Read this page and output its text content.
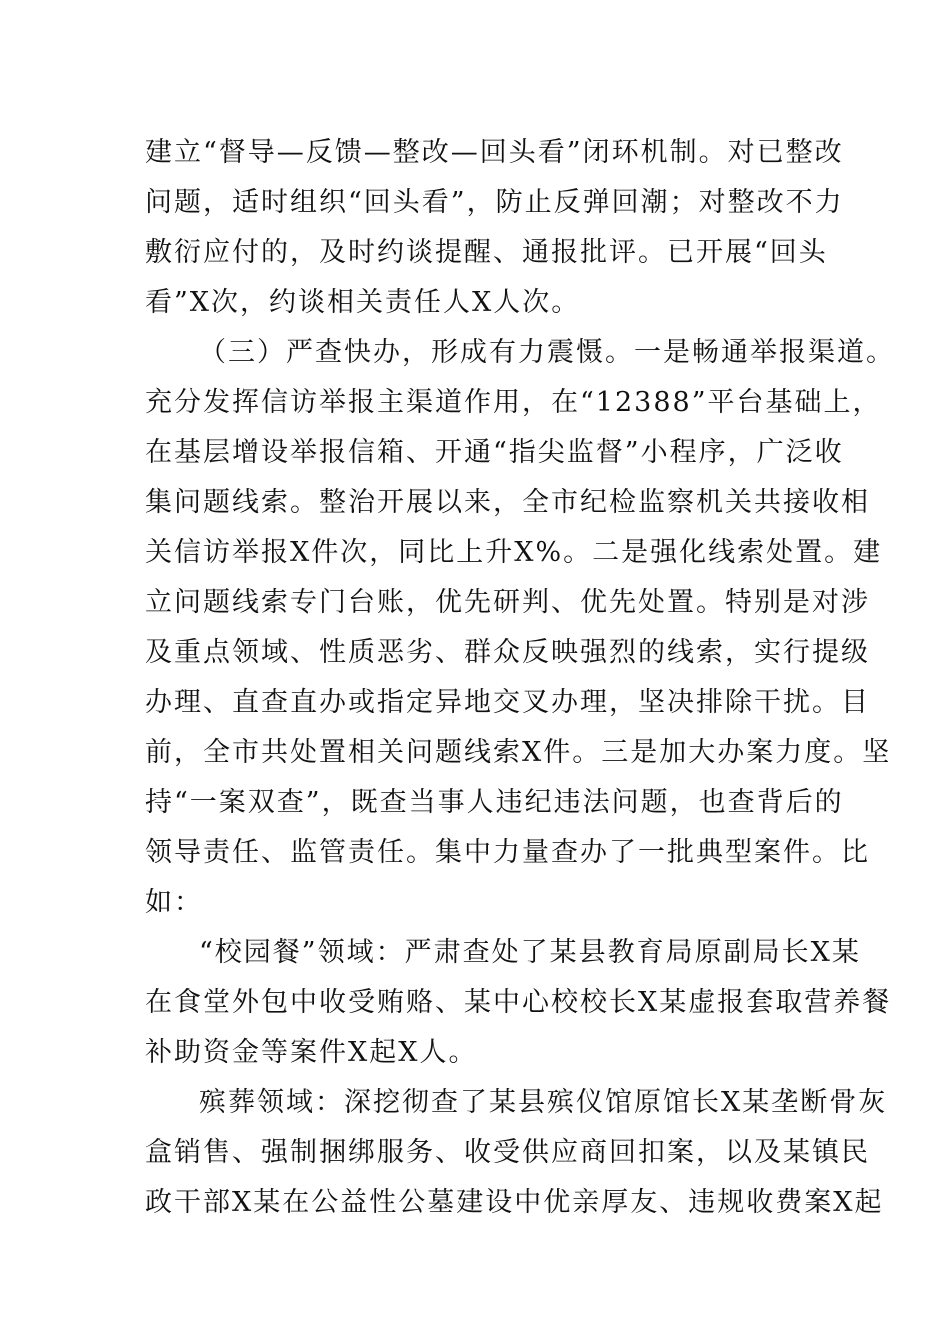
建立“督导—反馈—整改—回头看”闭环机制。对已整改
问题，适时组织“回头看”，防止反弹回潮；对整改不力
敷衍应付的，及时约谈提醒、通报批评。已开展“回头
看”X次，约谈相关责任人X人次。
（三）严查快办，形成有力震慑。一是畅通举报渠道。
充分发挥信访举报主渠道作用，在“12388”平台基础上，
在基层增设举报信箱、开通“指尖监督”小程序，广泛收
集问题线索。整治开展以来，全市纪检监察机关共接收相
关信访举报X件次，同比上升X%。二是强化线索处置。建
立问题线索专门台账，优先研判、优先处置。特别是对涉
及重点领域、性质恶劣、群众反映强烈的线索，实行提级
办理、直查直办或指定异地交叉办理，坚决排除干扰。目
前，全市共处置相关问题线索X件。三是加大办案力度。坚
持“一案双查”，既查当事人违纪违法问题，也查背后的
领导责任、监管责任。集中力量查办了一批典型案件。比
如：
“校园餐”领域：严肃查处了某县教育局原副局长X某
在食堂外包中收受贿赂、某中心校校长X某虚报套取营养餐
补助资金等案件X起X人。
殡葬领域：深挖彻查了某县殡仪馆原馆长X某垄断骨灰
盒销售、强制捆绑服务、收受供应商回扣案，以及某镇民
政干部X某在公益性公墓建设中优亲厚友、违规收费案X起
